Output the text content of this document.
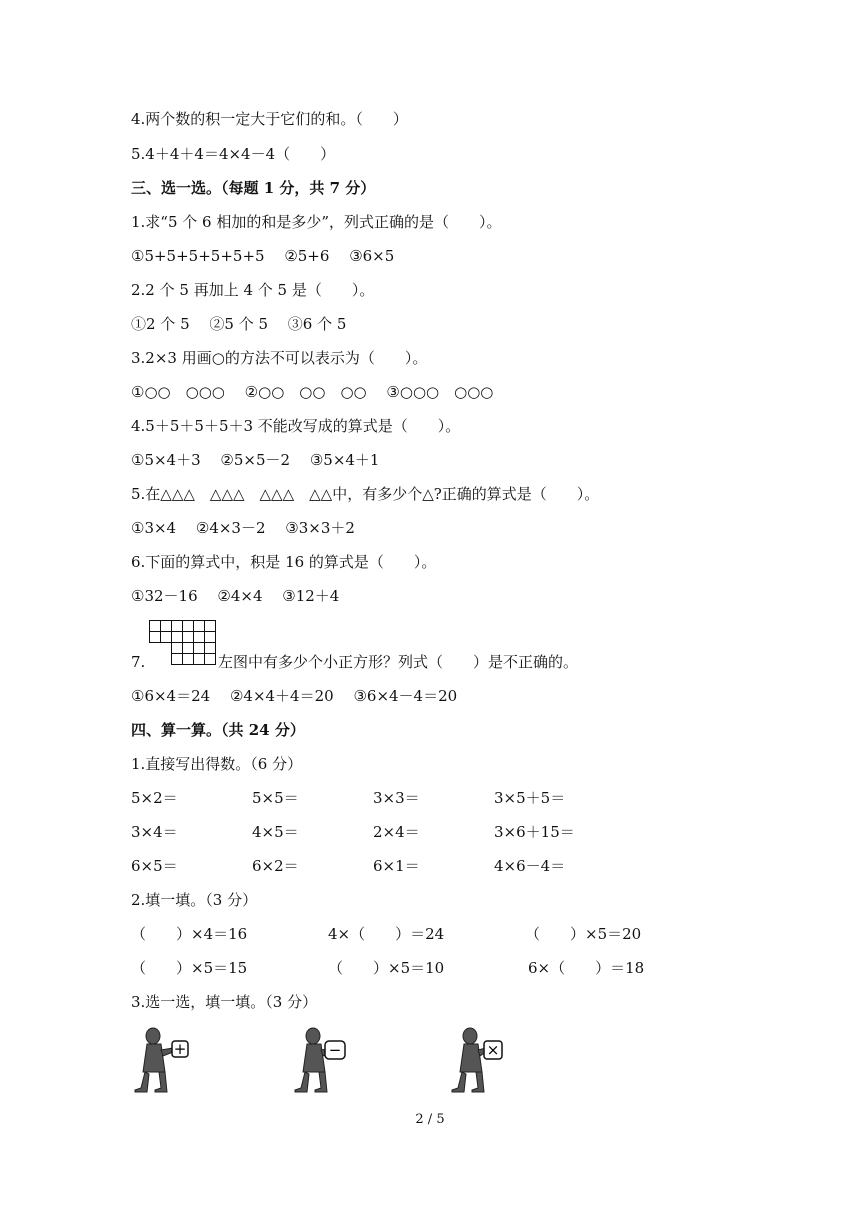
4.两个数的积一定大于它们的和。（　　）
5.4＋4＋4＝4×4－4（　　）
三、选一选。（每题 1 分，共 7 分）
1.求“5 个 6 相加的和是多少”，列式正确的是（　　）。
①5+5+5+5+5+5　 ②5+6　 ③6×5
2.2 个 5 再加上 4 个 5 是（　　）。
①2 个 5　 ②5 个 5　 ③6 个 5
3.2×3 用画○的方法不可以表示为（　　）。
①○○　○○○　 ②○○　○○　○○　 ③○○○　○○○
4.5＋5＋5＋5＋3 不能改写成的算式是（　　）。
①5×4＋3　 ②5×5－2　 ③5×4＋1
5.在△△△　△△△　△△△　△△中，有多少个△?正确的算式是（　　）。
①3×4　 ②4×3－2　 ③3×3＋2
6.下面的算式中，积是 16 的算式是（　　）。
①32－16　 ②4×4　 ③12＋4
7.	左图中有多少个小正方形？列式（　　）是不正确的。
①6×4＝24　 ②4×4＋4＝20　 ③6×4－4＝20
四、算一算。（共 24 分）
1.直接写出得数。（6 分）
5×2＝	5×5＝	3×3＝	3×5＋5＝
3×4＝	4×5＝	2×4＝	3×6＋15＝
6×5＝	6×2＝	6×1＝	4×6－4＝
2.填一填。（3 分）
（　　）×4＝16	4×（　　）＝24	（　　）×5＝20
（　　）×5＝15	（　　）×5＝10	6×（　　）＝18
3.选一选，填一填。（3 分）
+	−	×
2 / 5
